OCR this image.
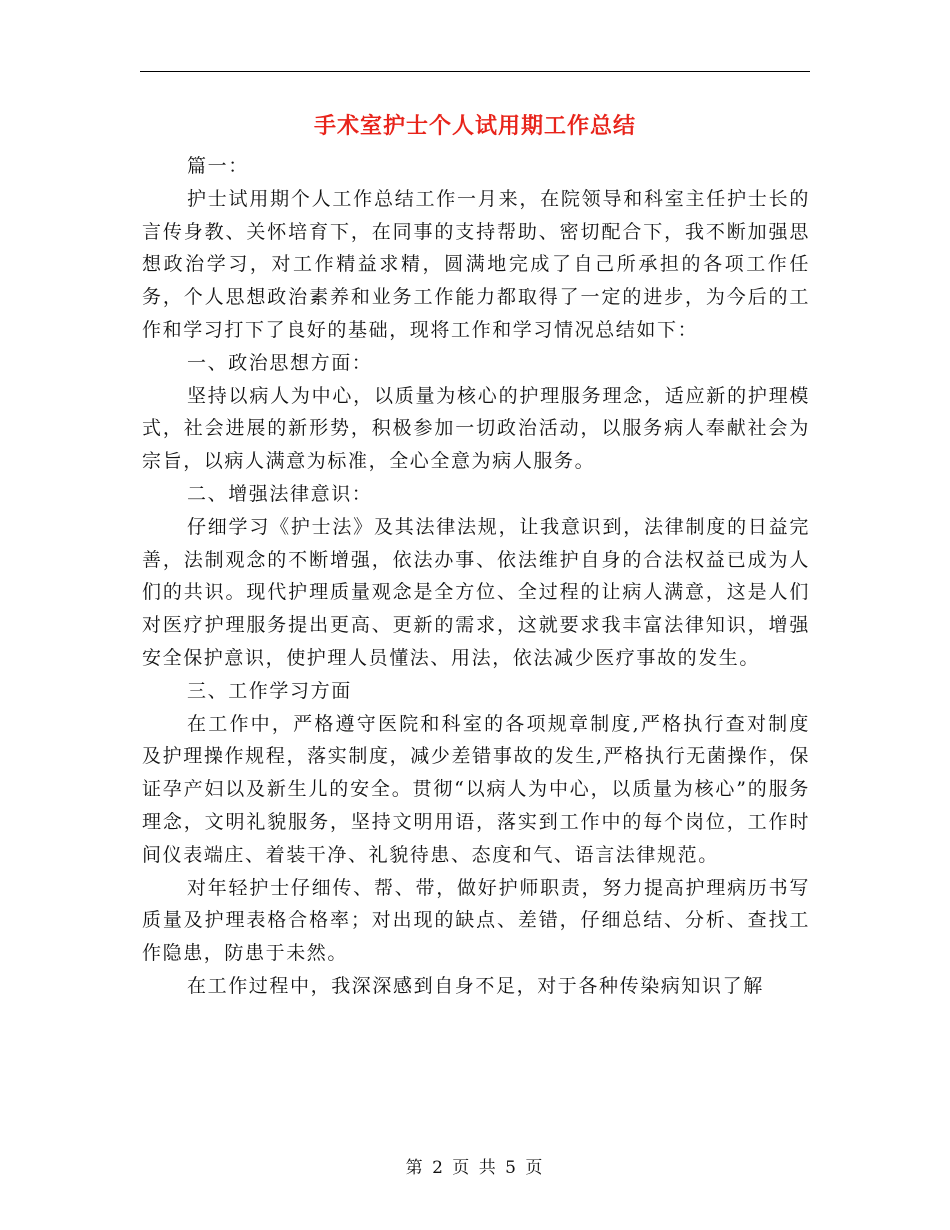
手术室护士个人试用期工作总结

篇一：

护士试用期个人工作总结工作一月来，在院领导和科室主任护士长的言传身教、关怀培育下，在同事的支持帮助、密切配合下，我不断加强思想政治学习，对工作精益求精，圆满地完成了自己所承担的各项工作任务，个人思想政治素养和业务工作能力都取得了一定的进步，为今后的工作和学习打下了良好的基础，现将工作和学习情况总结如下：

一、政治思想方面：

坚持以病人为中心，以质量为核心的护理服务理念，适应新的护理模式，社会进展的新形势，积极参加一切政治活动，以服务病人奉献社会为宗旨，以病人满意为标准，全心全意为病人服务。

二、增强法律意识：

仔细学习《护士法》及其法律法规，让我意识到，法律制度的日益完善，法制观念的不断增强，依法办事、依法维护自身的合法权益已成为人们的共识。现代护理质量观念是全方位、全过程的让病人满意，这是人们对医疗护理服务提出更高、更新的需求，这就要求我丰富法律知识，增强安全保护意识，使护理人员懂法、用法，依法减少医疗事故的发生。

三、工作学习方面

在工作中，严格遵守医院和科室的各项规章制度,严格执行查对制度及护理操作规程，落实制度，减少差错事故的发生,严格执行无菌操作，保证孕产妇以及新生儿的安全。贯彻“以病人为中心，以质量为核心”的服务理念，文明礼貌服务，坚持文明用语，落实到工作中的每个岗位，工作时间仪表端庄、着装干净、礼貌待患、态度和气、语言法律规范。

对年轻护士仔细传、帮、带，做好护师职责，努力提高护理病历书写质量及护理表格合格率；对出现的缺点、差错，仔细总结、分析、查找工作隐患，防患于未然。

在工作过程中，我深深感到自身不足，对于各种传染病知识了解

第 2 页 共 5 页
